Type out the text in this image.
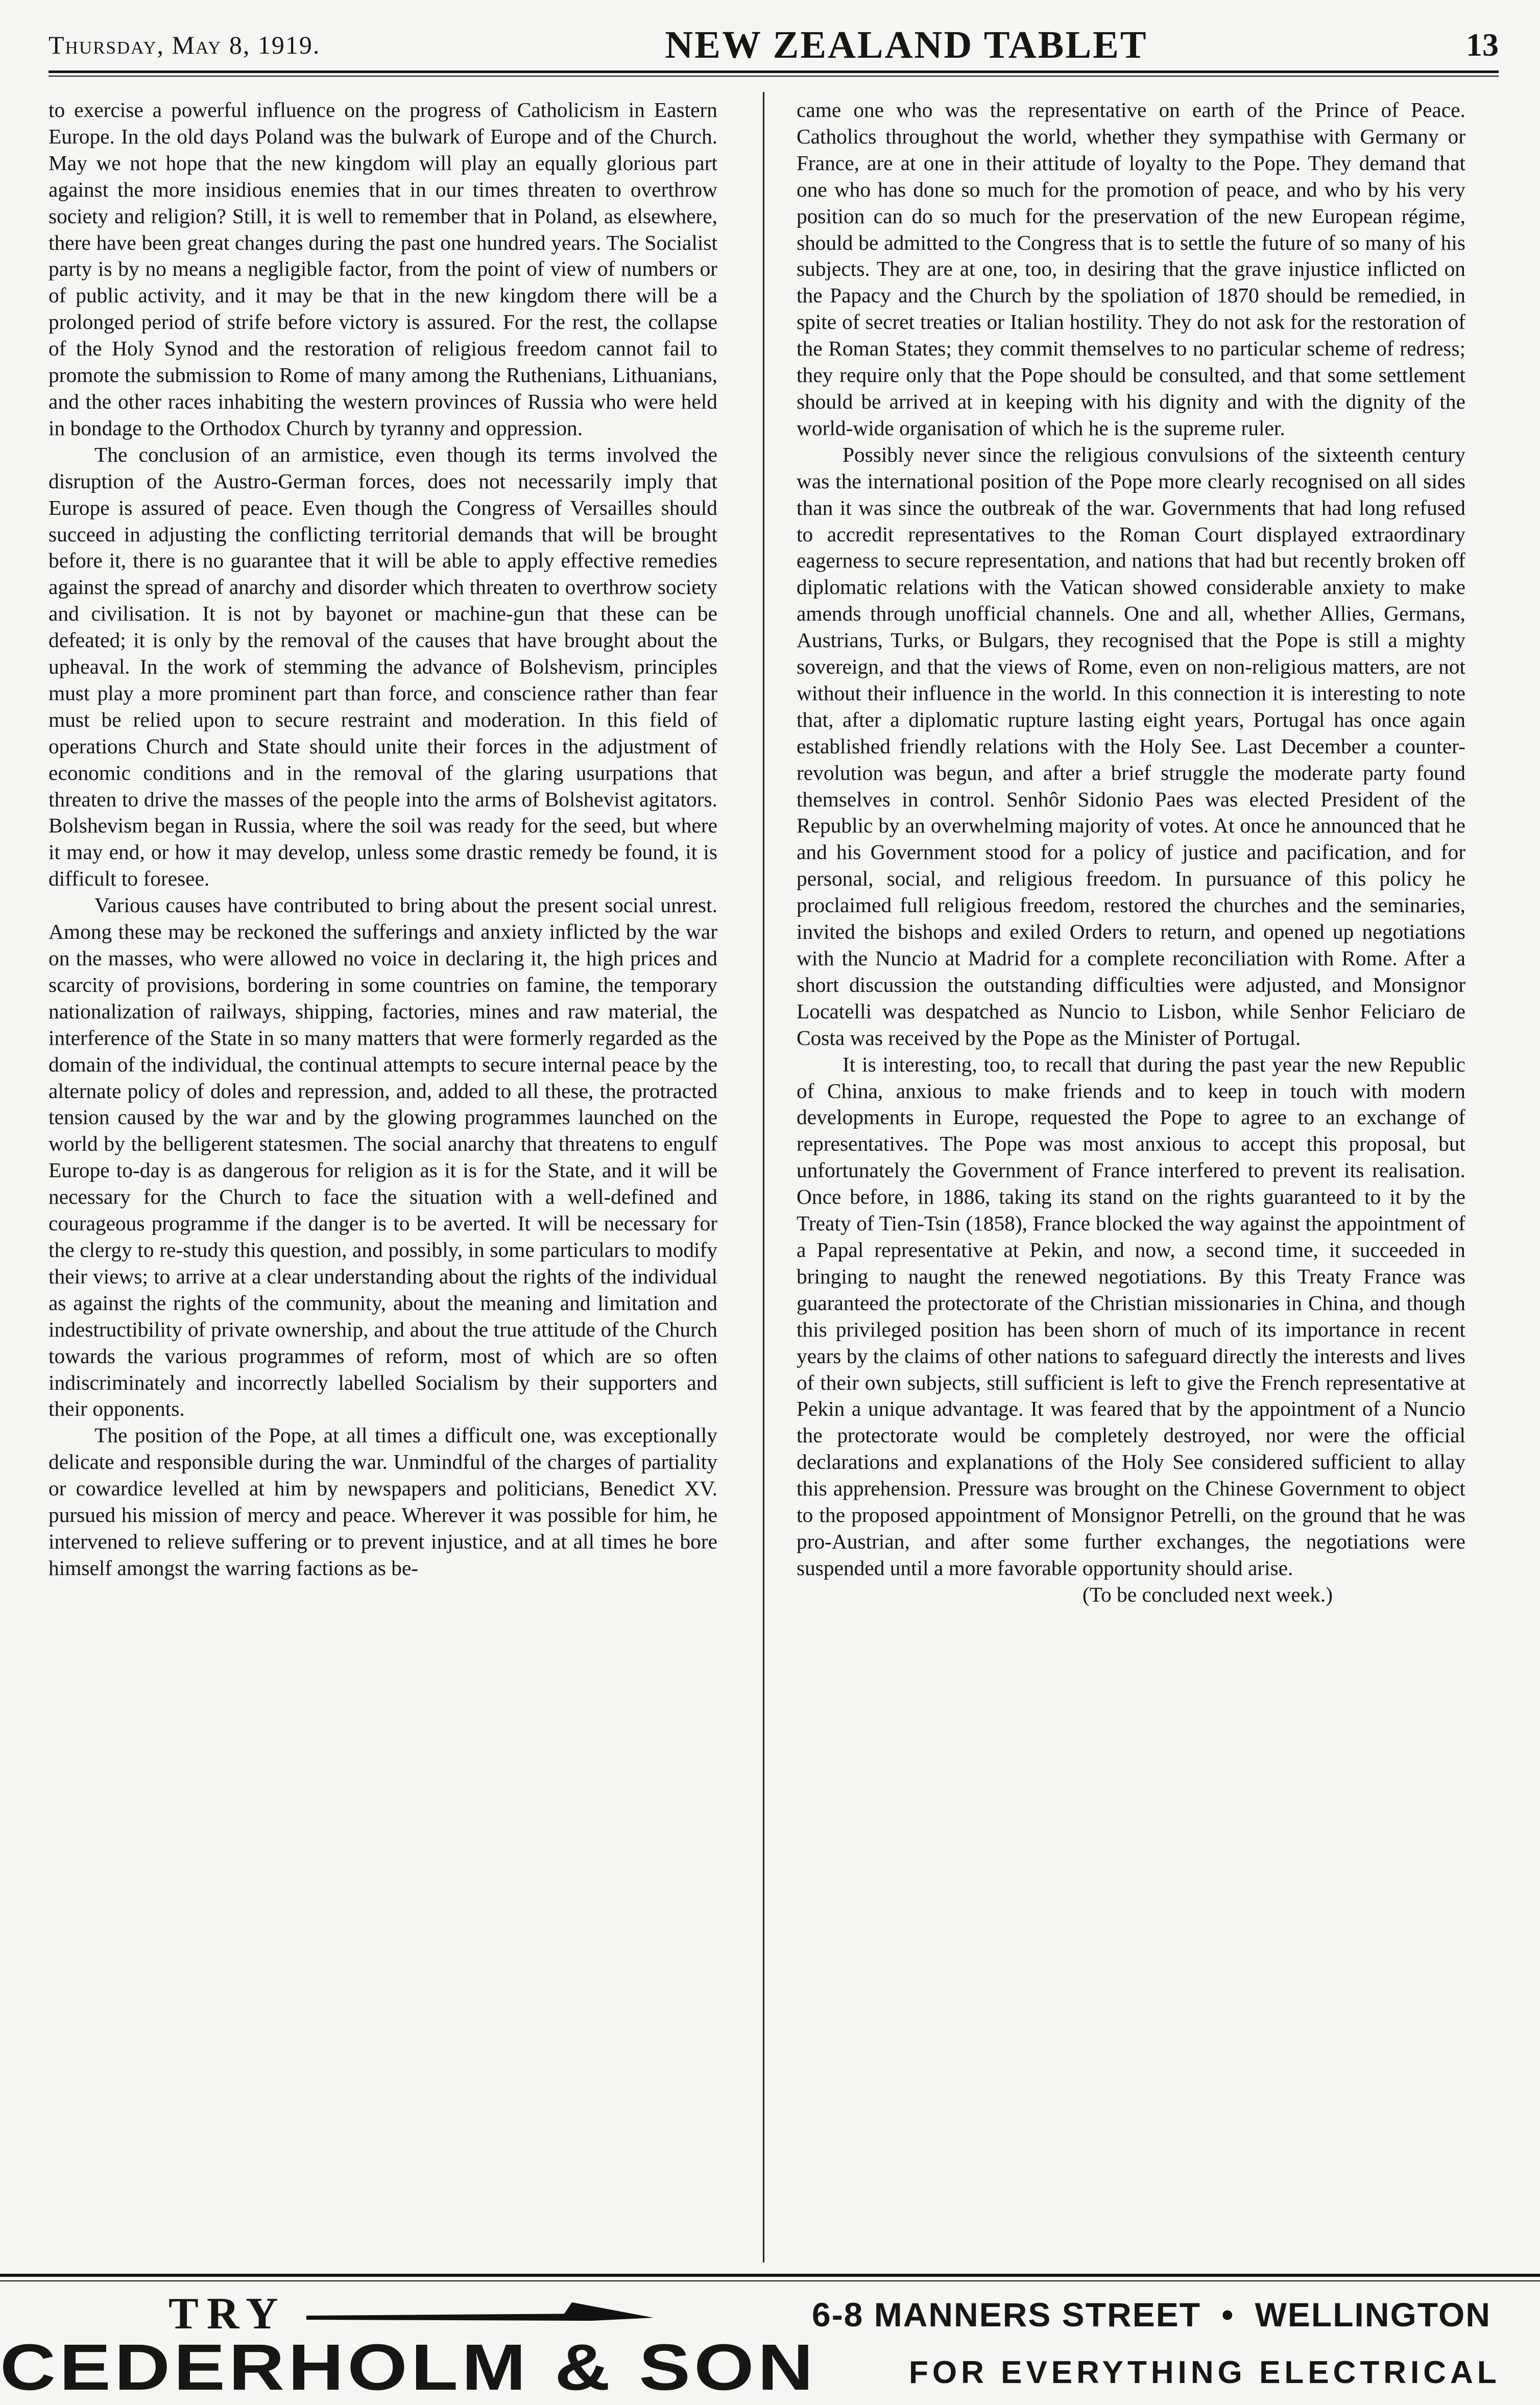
Thursday, May 8, 1919.	NEW ZEALAND TABLET	13

to exercise a powerful influence on the progress of Catholicism in Eastern Europe. In the old days Poland was the bulwark of Europe and of the Church. May we not hope that the new kingdom will play an equally glorious part against the more insidious enemies that in our times threaten to overthrow society and religion? Still, it is well to remember that in Poland, as elsewhere, there have been great changes during the past one hundred years. The Socialist party is by no means a negligible factor, from the point of view of numbers or of public activity, and it may be that in the new kingdom there will be a prolonged period of strife before victory is assured. For the rest, the collapse of the Holy Synod and the restoration of religious freedom cannot fail to promote the submission to Rome of many among the Ruthenians, Lithuanians, and the other races inhabiting the western provinces of Russia who were held in bondage to the Orthodox Church by tyranny and oppression.

The conclusion of an armistice, even though its terms involved the disruption of the Austro-German forces, does not necessarily imply that Europe is assured of peace. Even though the Congress of Versailles should succeed in adjusting the conflicting territorial demands that will be brought before it, there is no guarantee that it will be able to apply effective remedies against the spread of anarchy and disorder which threaten to overthrow society and civilisation. It is not by bayonet or machine-gun that these can be defeated; it is only by the removal of the causes that have brought about the upheaval. In the work of stemming the advance of Bolshevism, principles must play a more prominent part than force, and conscience rather than fear must be relied upon to secure restraint and moderation. In this field of operations Church and State should unite their forces in the adjustment of economic conditions and in the removal of the glaring usurpations that threaten to drive the masses of the people into the arms of Bolshevist agitators. Bolshevism began in Russia, where the soil was ready for the seed, but where it may end, or how it may develop, unless some drastic remedy be found, it is difficult to foresee.

Various causes have contributed to bring about the present social unrest. Among these may be reckoned the sufferings and anxiety inflicted by the war on the masses, who were allowed no voice in declaring it, the high prices and scarcity of provisions, bordering in some countries on famine, the temporary nationalization of railways, shipping, factories, mines and raw material, the interference of the State in so many matters that were formerly regarded as the domain of the individual, the continual attempts to secure internal peace by the alternate policy of doles and repression, and, added to all these, the protracted tension caused by the war and by the glowing programmes launched on the world by the belligerent statesmen. The social anarchy that threatens to engulf Europe to-day is as dangerous for religion as it is for the State, and it will be necessary for the Church to face the situation with a well-defined and courageous programme if the danger is to be averted. It will be necessary for the clergy to re-study this question, and possibly, in some particulars to modify their views; to arrive at a clear understanding about the rights of the individual as against the rights of the community, about the meaning and limitation and indestructibility of private ownership, and about the true attitude of the Church towards the various programmes of reform, most of which are so often indiscriminately and incorrectly labelled Socialism by their supporters and their opponents.

The position of the Pope, at all times a difficult one, was exceptionally delicate and responsible during the war. Unmindful of the charges of partiality or cowardice levelled at him by newspapers and politicians, Benedict XV. pursued his mission of mercy and peace. Wherever it was possible for him, he intervened to relieve suffering or to prevent injustice, and at all times he bore himself amongst the warring factions as be-

came one who was the representative on earth of the Prince of Peace. Catholics throughout the world, whether they sympathise with Germany or France, are at one in their attitude of loyalty to the Pope. They demand that one who has done so much for the promotion of peace, and who by his very position can do so much for the preservation of the new European régime, should be admitted to the Congress that is to settle the future of so many of his subjects. They are at one, too, in desiring that the grave injustice inflicted on the Papacy and the Church by the spoliation of 1870 should be remedied, in spite of secret treaties or Italian hostility. They do not ask for the restoration of the Roman States; they commit themselves to no particular scheme of redress; they require only that the Pope should be consulted, and that some settlement should be arrived at in keeping with his dignity and with the dignity of the world-wide organisation of which he is the supreme ruler.

Possibly never since the religious convulsions of the sixteenth century was the international position of the Pope more clearly recognised on all sides than it was since the outbreak of the war. Governments that had long refused to accredit representatives to the Roman Court displayed extraordinary eagerness to secure representation, and nations that had but recently broken off diplomatic relations with the Vatican showed considerable anxiety to make amends through unofficial channels. One and all, whether Allies, Germans, Austrians, Turks, or Bulgars, they recognised that the Pope is still a mighty sovereign, and that the views of Rome, even on non-religious matters, are not without their influence in the world. In this connection it is interesting to note that, after a diplomatic rupture lasting eight years, Portugal has once again established friendly relations with the Holy See. Last December a counter-revolution was begun, and after a brief struggle the moderate party found themselves in control. Senhôr Sidonio Paes was elected President of the Republic by an overwhelming majority of votes. At once he announced that he and his Government stood for a policy of justice and pacification, and for personal, social, and religious freedom. In pursuance of this policy he proclaimed full religious freedom, restored the churches and the seminaries, invited the bishops and exiled Orders to return, and opened up negotiations with the Nuncio at Madrid for a complete reconciliation with Rome. After a short discussion the outstanding difficulties were adjusted, and Monsignor Locatelli was despatched as Nuncio to Lisbon, while Senhor Feliciaro de Costa was received by the Pope as the Minister of Portugal.

It is interesting, too, to recall that during the past year the new Republic of China, anxious to make friends and to keep in touch with modern developments in Europe, requested the Pope to agree to an exchange of representatives. The Pope was most anxious to accept this proposal, but unfortunately the Government of France interfered to prevent its realisation. Once before, in 1886, taking its stand on the rights guaranteed to it by the Treaty of Tien-Tsin (1858), France blocked the way against the appointment of a Papal representative at Pekin, and now, a second time, it succeeded in bringing to naught the renewed negotiations. By this Treaty France was guaranteed the protectorate of the Christian missionaries in China, and though this privileged position has been shorn of much of its importance in recent years by the claims of other nations to safeguard directly the interests and lives of their own subjects, still sufficient is left to give the French representative at Pekin a unique advantage. It was feared that by the appointment of a Nuncio the protectorate would be completely destroyed, nor were the official declarations and explanations of the Holy See considered sufficient to allay this apprehension. Pressure was brought on the Chinese Government to object to the proposed appointment of Monsignor Petrelli, on the ground that he was pro-Austrian, and after some further exchanges, the negotiations were suspended until a more favorable opportunity should arise.

(To be concluded next week.)

TRY
CEDERHOLM & SON
6-8 MANNERS STREET • WELLINGTON
FOR EVERYTHING ELECTRICAL
